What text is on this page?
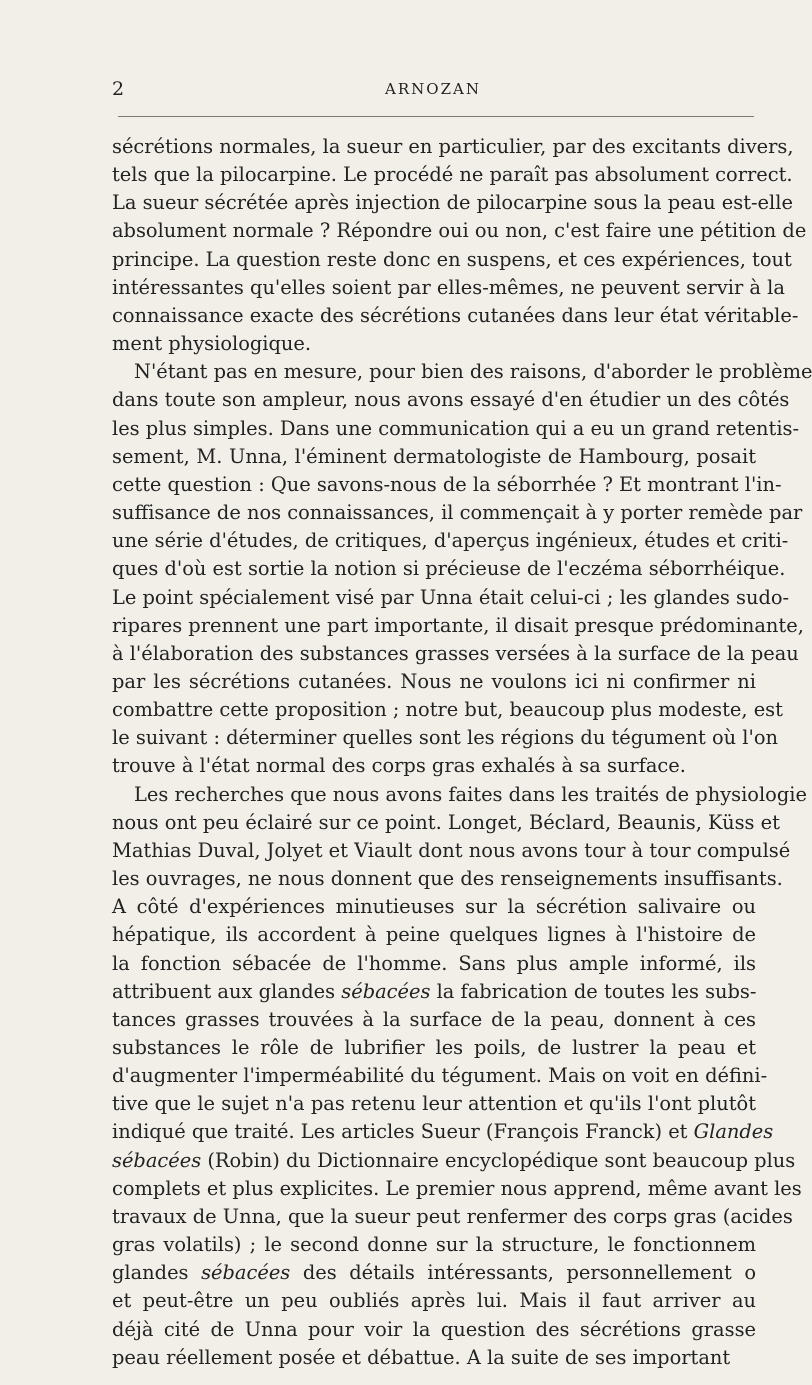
2	ARNOZAN
sécrétions normales, la sueur en particulier, par des excitants divers,
tels que la pilocarpine. Le procédé ne paraît pas absolument correct.
La sueur sécrétée après injection de pilocarpine sous la peau est-elle
absolument normale ? Répondre oui ou non, c'est faire une pétition de
principe. La question reste donc en suspens, et ces expériences, tout
intéressantes qu'elles soient par elles-mêmes, ne peuvent servir à la
connaissance exacte des sécrétions cutanées dans leur état véritable-
ment physiologique.
N'étant pas en mesure, pour bien des raisons, d'aborder le problème
dans toute son ampleur, nous avons essayé d'en étudier un des côtés
les plus simples. Dans une communication qui a eu un grand retentis-
sement, M. Unna, l'éminent dermatologiste de Hambourg, posait
cette question : Que savons-nous de la séborrhée ? Et montrant l'in-
suffisance de nos connaissances, il commençait à y porter remède par
une série d'études, de critiques, d'aperçus ingénieux, études et criti-
ques d'où est sortie la notion si précieuse de l'eczéma séborrhéique.
Le point spécialement visé par Unna était celui-ci ; les glandes sudo-
ripares prennent une part importante, il disait presque prédominante,
à l'élaboration des substances grasses versées à la surface de la peau
par les sécrétions cutanées. Nous ne voulons ici ni confirmer ni
combattre cette proposition ; notre but, beaucoup plus modeste, est
le suivant : déterminer quelles sont les régions du tégument où l'on
trouve à l'état normal des corps gras exhalés à sa surface.
Les recherches que nous avons faites dans les traités de physiologie
nous ont peu éclairé sur ce point. Longet, Béclard, Beaunis, Küss et
Mathias Duval, Jolyet et Viault dont nous avons tour à tour compulsé
les ouvrages, ne nous donnent que des renseignements insuffisants.
A côté d'expériences minutieuses sur la sécrétion salivaire ou
hépatique, ils accordent à peine quelques lignes à l'histoire de
la fonction sébacée de l'homme. Sans plus ample informé, ils
attribuent aux glandes sébacées la fabrication de toutes les subs-
tances grasses trouvées à la surface de la peau, donnent à ces
substances le rôle de lubrifier les poils, de lustrer la peau et
d'augmenter l'imperméabilité du tégument. Mais on voit en défini-
tive que le sujet n'a pas retenu leur attention et qu'ils l'ont plutôt
indiqué que traité. Les articles Sueur (François Franck) et Glandes
sébacées (Robin) du Dictionnaire encyclopédique sont beaucoup plus
complets et plus explicites. Le premier nous apprend, même avant les
travaux de Unna, que la sueur peut renfermer des corps gras (acides
gras volatils) ; le second donne sur la structure, le fonctionnem
glandes sébacées des détails intéressants, personnellement o
et peut-être un peu oubliés après lui. Mais il faut arriver au
déjà cité de Unna pour voir la question des sécrétions grasse
peau réellement posée et débattue. A la suite de ses important
